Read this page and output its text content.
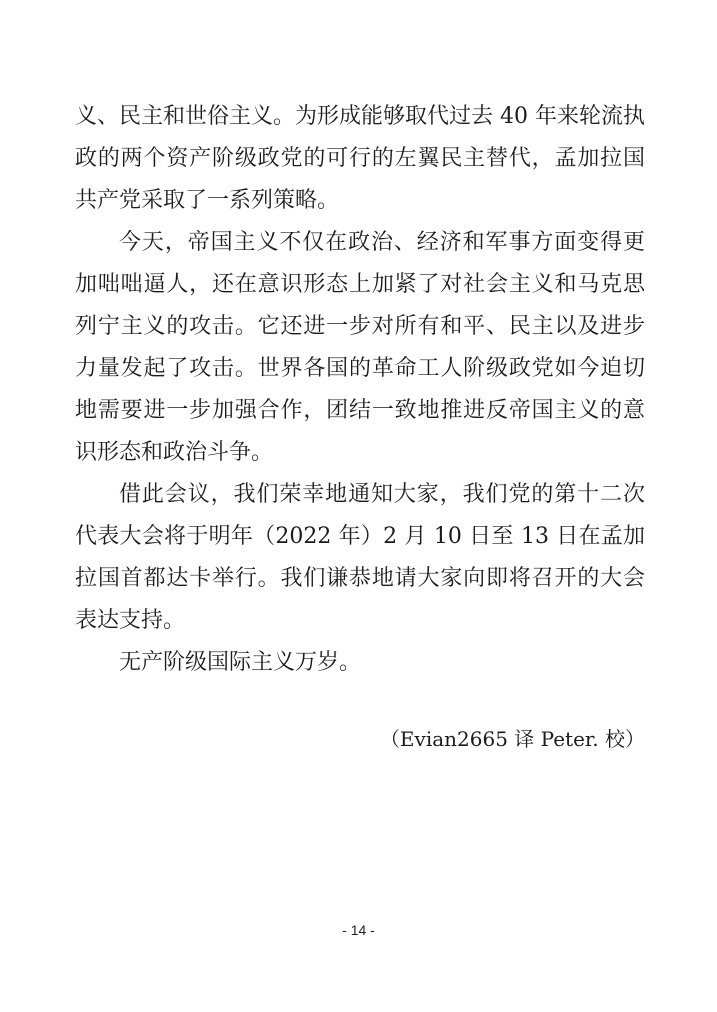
义、民主和世俗主义。为形成能够取代过去 40 年来轮流执政的两个资产阶级政党的可行的左翼民主替代，孟加拉国共产党采取了一系列策略。

今天，帝国主义不仅在政治、经济和军事方面变得更加咄咄逼人，还在意识形态上加紧了对社会主义和马克思列宁主义的攻击。它还进一步对所有和平、民主以及进步力量发起了攻击。世界各国的革命工人阶级政党如今迫切地需要进一步加强合作，团结一致地推进反帝国主义的意识形态和政治斗争。

借此会议，我们荣幸地通知大家，我们党的第十二次代表大会将于明年（2022 年）2 月 10 日至 13 日在孟加拉国首都达卡举行。我们谦恭地请大家向即将召开的大会表达支持。

无产阶级国际主义万岁。

（Evian2665 译 Peter. 校）

- 14 -
